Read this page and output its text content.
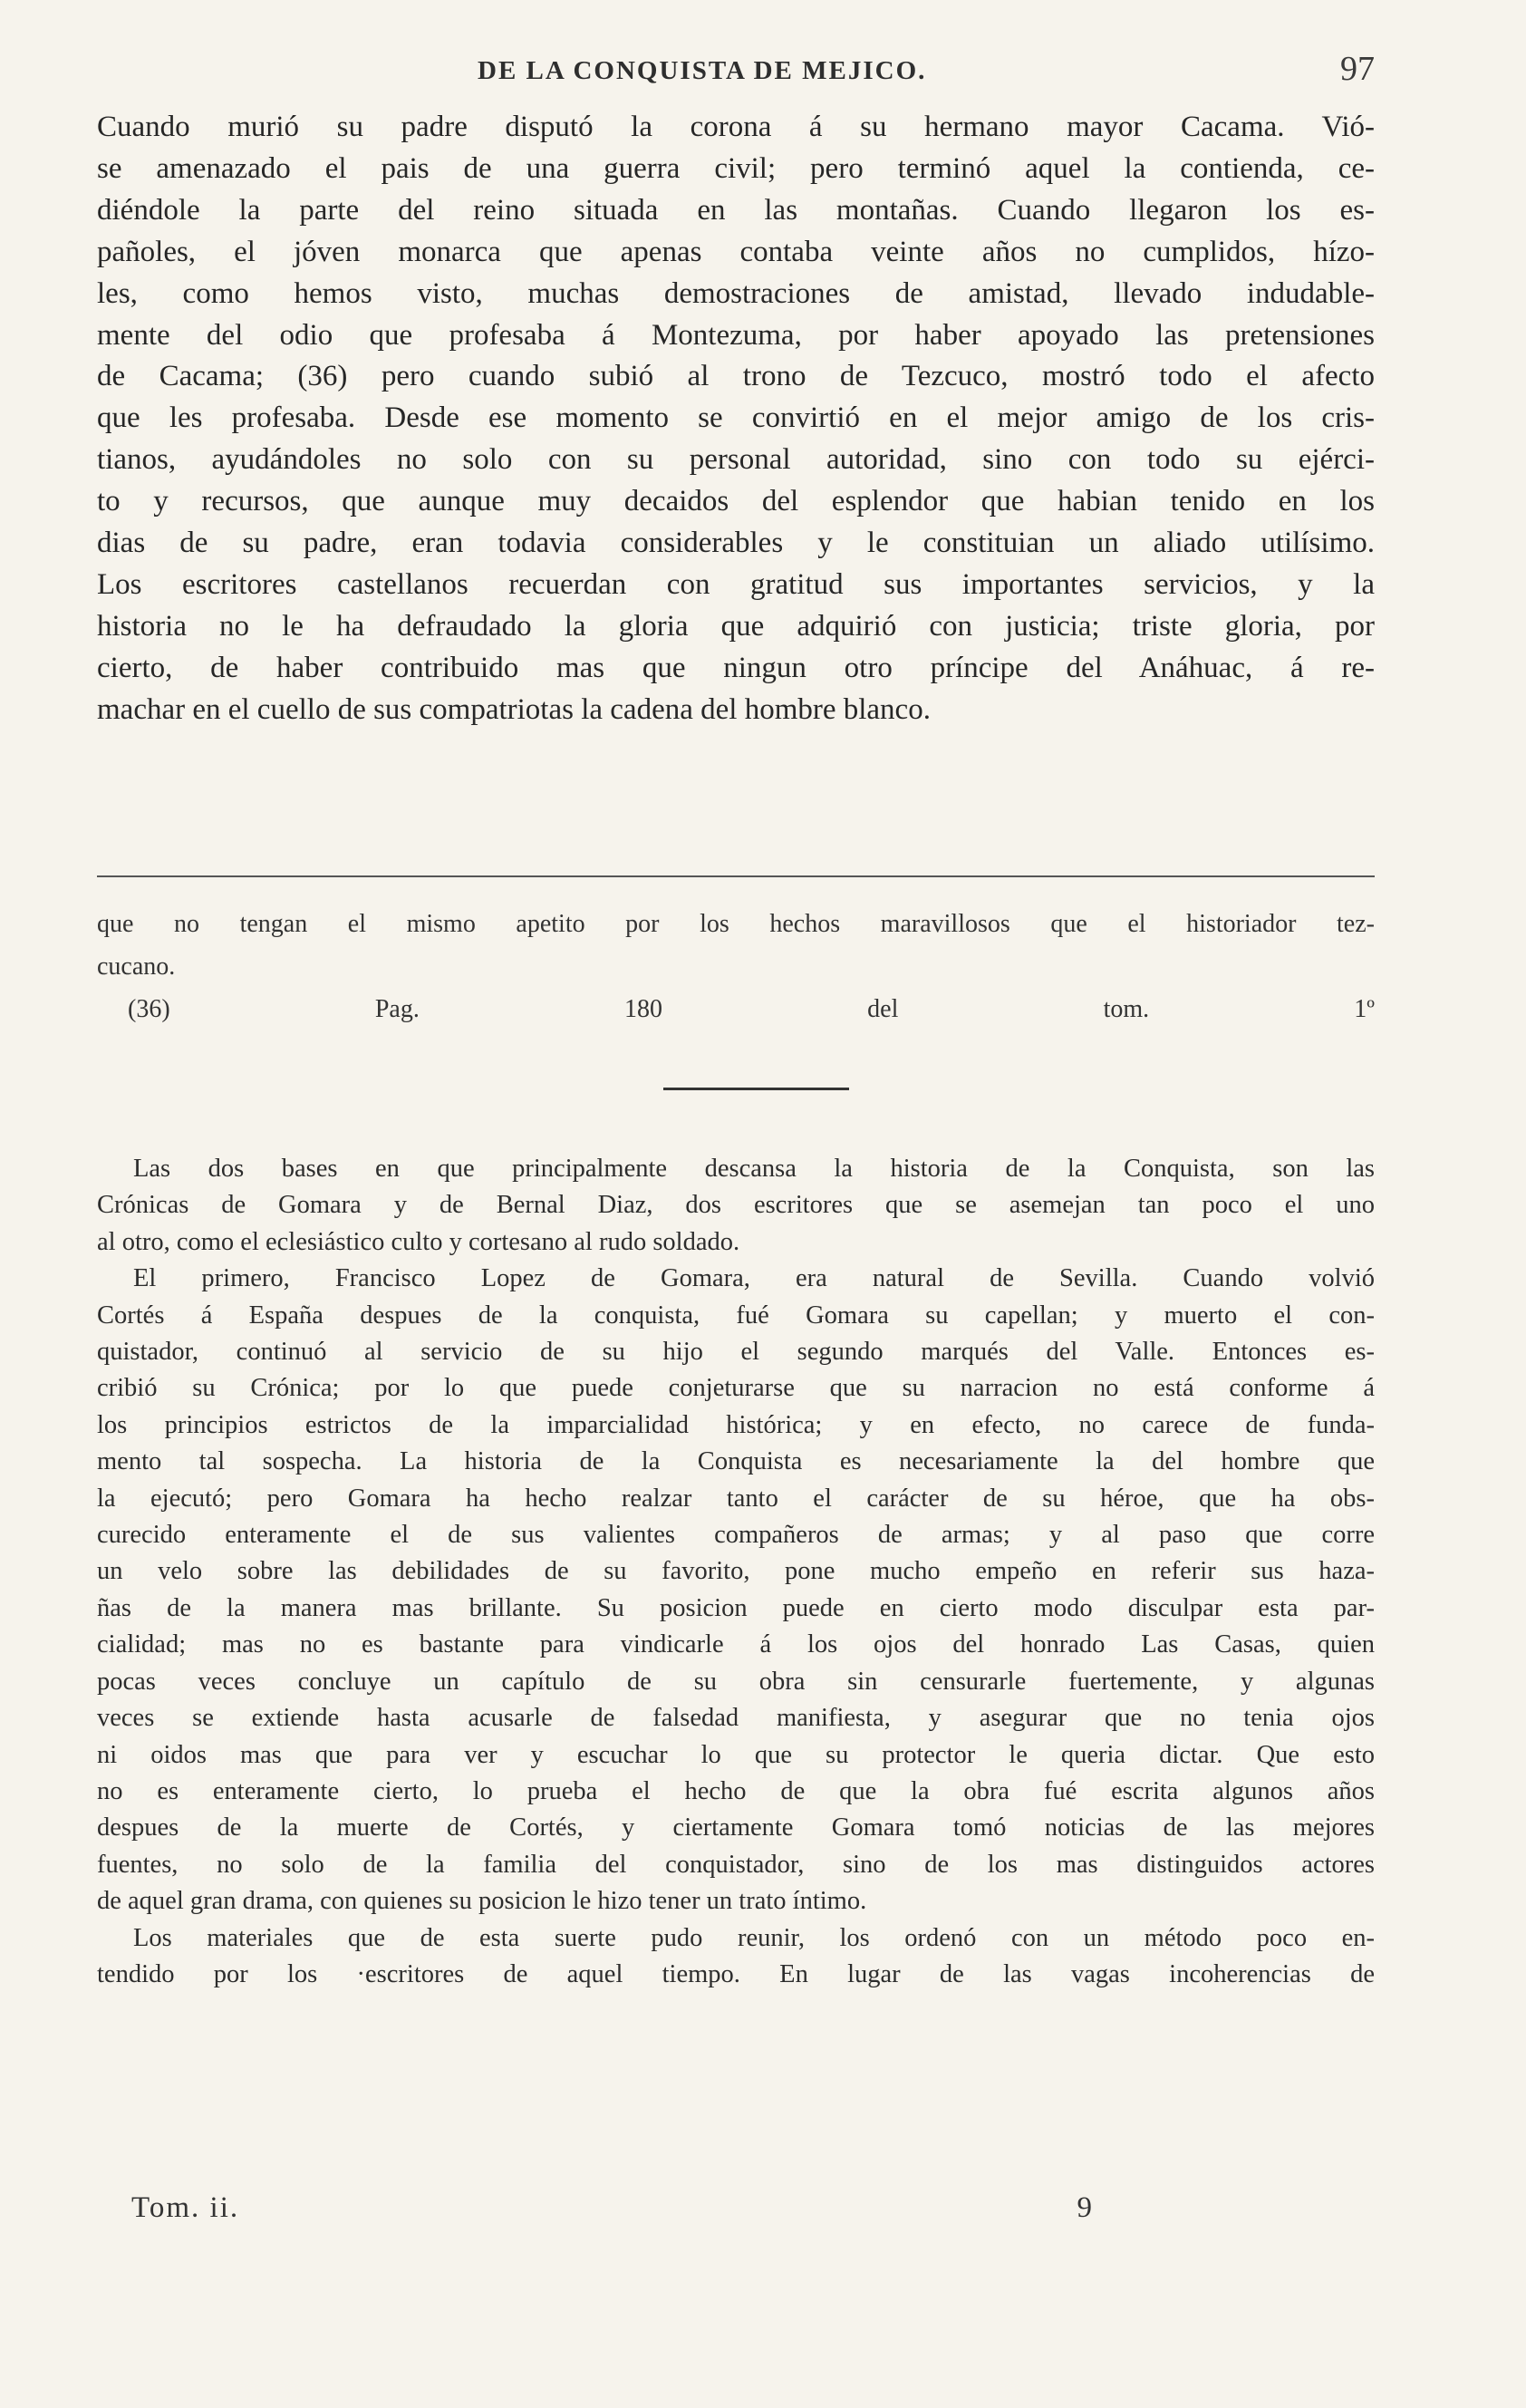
DE LA CONQUISTA DE MEJICO.	97
Cuando murió su padre disputó la corona á su hermano mayor Cacama. Vió-
se amenazado el pais de una guerra civil; pero terminó aquel la contienda, ce-
diéndole la parte del reino situada en las montañas. Cuando llegaron los es-
pañoles, el jóven monarca que apenas contaba veinte años no cumplidos, hízo-
les, como hemos visto, muchas demostraciones de amistad, llevado indudable-
mente del odio que profesaba á Montezuma, por haber apoyado las pretensiones
de Cacama; (36) pero cuando subió al trono de Tezcuco, mostró todo el afecto
que les profesaba. Desde ese momento se convirtió en el mejor amigo de los cris-
tianos, ayudándoles no solo con su personal autoridad, sino con todo su ejérci-
to y recursos, que aunque muy decaidos del esplendor que habian tenido en los
dias de su padre, eran todavia considerables y le constituian un aliado utilísimo.
Los escritores castellanos recuerdan con gratitud sus importantes servicios, y la
historia no le ha defraudado la gloria que adquirió con justicia; triste gloria, por
cierto, de haber contribuido mas que ningun otro príncipe del Anáhuac, á re-
machar en el cuello de sus compatriotas la cadena del hombre blanco.
que no tengan el mismo apetito por los hechos maravillosos que el historiador tez-
cucano.
(36) Pag. 180 del tom. 1º
Las dos bases en que principalmente descansa la historia de la Conquista, son las
Crónicas de Gomara y de Bernal Diaz, dos escritores que se asemejan tan poco el uno
al otro, como el eclesiástico culto y cortesano al rudo soldado.
El primero, Francisco Lopez de Gomara, era natural de Sevilla. Cuando volvió
Cortés á España despues de la conquista, fué Gomara su capellan; y muerto el con-
quistador, continuó al servicio de su hijo el segundo marqués del Valle. Entonces es-
cribió su Crónica; por lo que puede conjeturarse que su narracion no está conforme á
los principios estrictos de la imparcialidad histórica; y en efecto, no carece de funda-
mento tal sospecha. La historia de la Conquista es necesariamente la del hombre que
la ejecutó; pero Gomara ha hecho realzar tanto el carácter de su héroe, que ha obs-
curecido enteramente el de sus valientes compañeros de armas; y al paso que corre
un velo sobre las debilidades de su favorito, pone mucho empeño en referir sus haza-
ñas de la manera mas brillante. Su posicion puede en cierto modo disculpar esta par-
cialidad; mas no es bastante para vindicarle á los ojos del honrado Las Casas, quien
pocas veces concluye un capítulo de su obra sin censurarle fuertemente, y algunas
veces se extiende hasta acusarle de falsedad manifiesta, y asegurar que no tenia ojos
ni oidos mas que para ver y escuchar lo que su protector le queria dictar. Que esto
no es enteramente cierto, lo prueba el hecho de que la obra fué escrita algunos años
despues de la muerte de Cortés, y ciertamente Gomara tomó noticias de las mejores
fuentes, no solo de la familia del conquistador, sino de los mas distinguidos actores
de aquel gran drama, con quienes su posicion le hizo tener un trato íntimo.
Los materiales que de esta suerte pudo reunir, los ordenó con un método poco en-
tendido por los ·escritores de aquel tiempo. En lugar de las vagas incoherencias de
Tom. ii.	9
